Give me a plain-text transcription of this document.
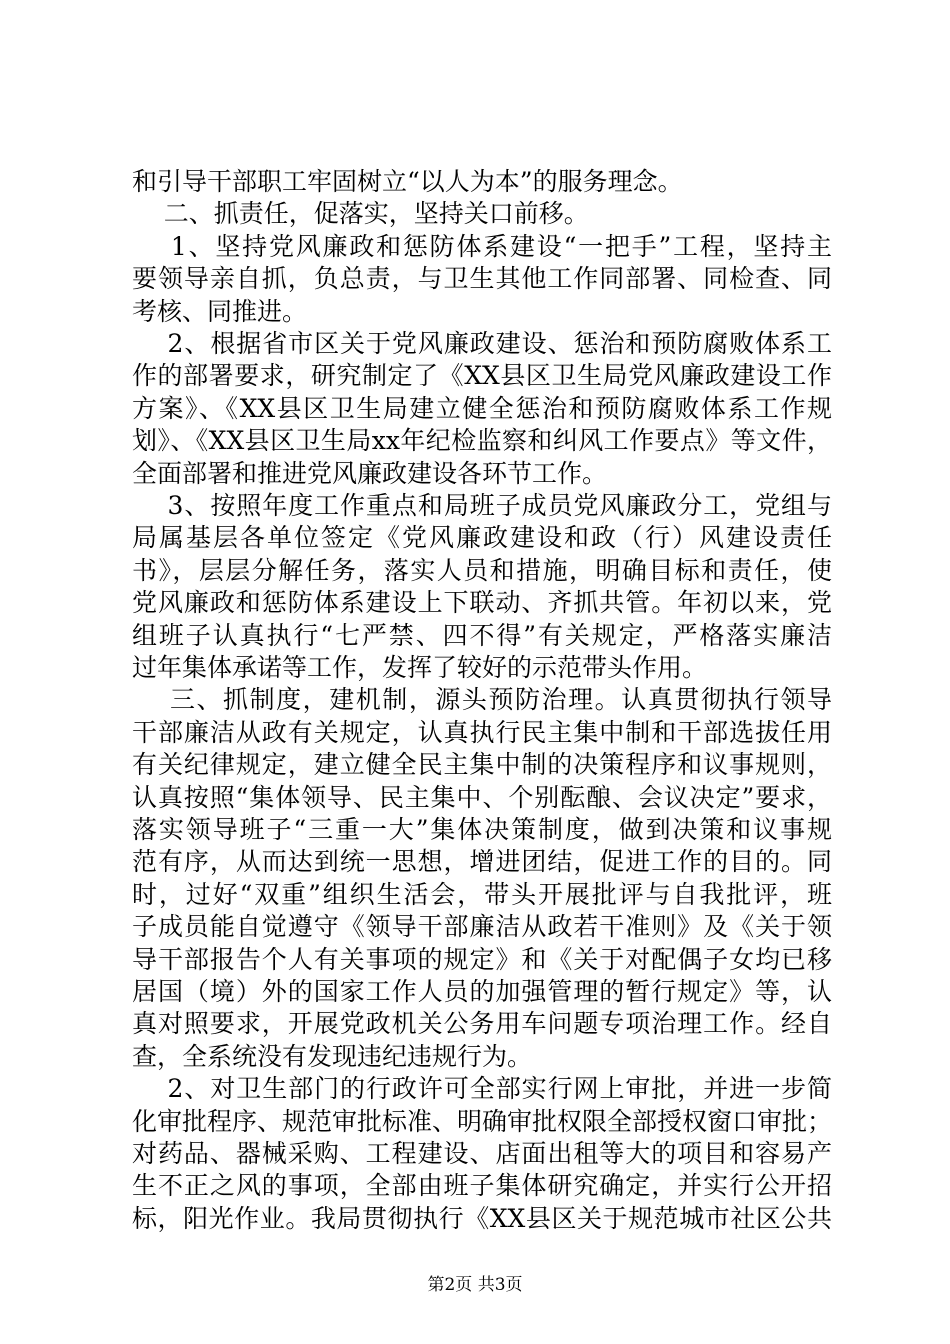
和引导干部职工牢固树立“以人为本”的服务理念。
二、抓责任，促落实，坚持关口前移。
1、坚持党风廉政和惩防体系建设“一把手”工程，坚持主
要领导亲自抓，负总责，与卫生其他工作同部署、同检查、同
考核、同推进。
2、根据省市区关于党风廉政建设、惩治和预防腐败体系工
作的部署要求，研究制定了《XX县区卫生局党风廉政建设工作
方案》、《XX县区卫生局建立健全惩治和预防腐败体系工作规
划》、《XX县区卫生局xx年纪检监察和纠风工作要点》等文件，
全面部署和推进党风廉政建设各环节工作。
3、按照年度工作重点和局班子成员党风廉政分工，党组与
局属基层各单位签定《党风廉政建设和政（行）风建设责任
书》，层层分解任务，落实人员和措施，明确目标和责任，使
党风廉政和惩防体系建设上下联动、齐抓共管。年初以来，党
组班子认真执行“七严禁、四不得”有关规定，严格落实廉洁
过年集体承诺等工作，发挥了较好的示范带头作用。
三、抓制度，建机制，源头预防治理。认真贯彻执行领导
干部廉洁从政有关规定，认真执行民主集中制和干部选拔任用
有关纪律规定，建立健全民主集中制的决策程序和议事规则，
认真按照“集体领导、民主集中、个别酝酿、会议决定”要求，
落实领导班子“三重一大”集体决策制度，做到决策和议事规
范有序，从而达到统一思想，增进团结，促进工作的目的。同
时，过好“双重”组织生活会，带头开展批评与自我批评，班
子成员能自觉遵守《领导干部廉洁从政若干准则》及《关于领
导干部报告个人有关事项的规定》和《关于对配偶子女均已移
居国（境）外的国家工作人员的加强管理的暂行规定》等，认
真对照要求，开展党政机关公务用车问题专项治理工作。经自
查，全系统没有发现违纪违规行为。
2、对卫生部门的行政许可全部实行网上审批，并进一步简
化审批程序、规范审批标准、明确审批权限全部授权窗口审批；
对药品、器械采购、工程建设、店面出租等大的项目和容易产
生不正之风的事项，全部由班子集体研究确定，并实行公开招
标，阳光作业。我局贯彻执行《XX县区关于规范城市社区公共
第2页 共3页
